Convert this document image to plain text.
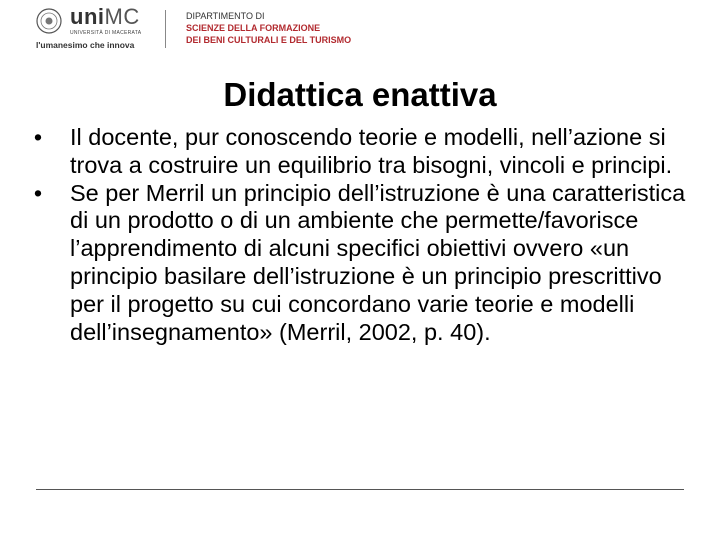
uniMC
UNIVERSITÀ DI MACERATA
l'umanesimo che innova
DIPARTIMENTO DI
SCIENZE DELLA FORMAZIONE
DEI BENI CULTURALI E DEL TURISMO
Didattica enattiva
• Il docente, pur conoscendo teorie e modelli, nell’azione si trova a costruire un equilibrio tra bisogni, vincoli e principi.
• Se per Merril un principio dell’istruzione è una caratteristica di un prodotto o di un ambiente che permette/favorisce l’apprendimento di alcuni specifici obiettivi ovvero «un principio basilare dell’istruzione è un principio prescrittivo per il progetto su cui concordano varie teorie e modelli dell’insegnamento» (Merril, 2002, p. 40).
